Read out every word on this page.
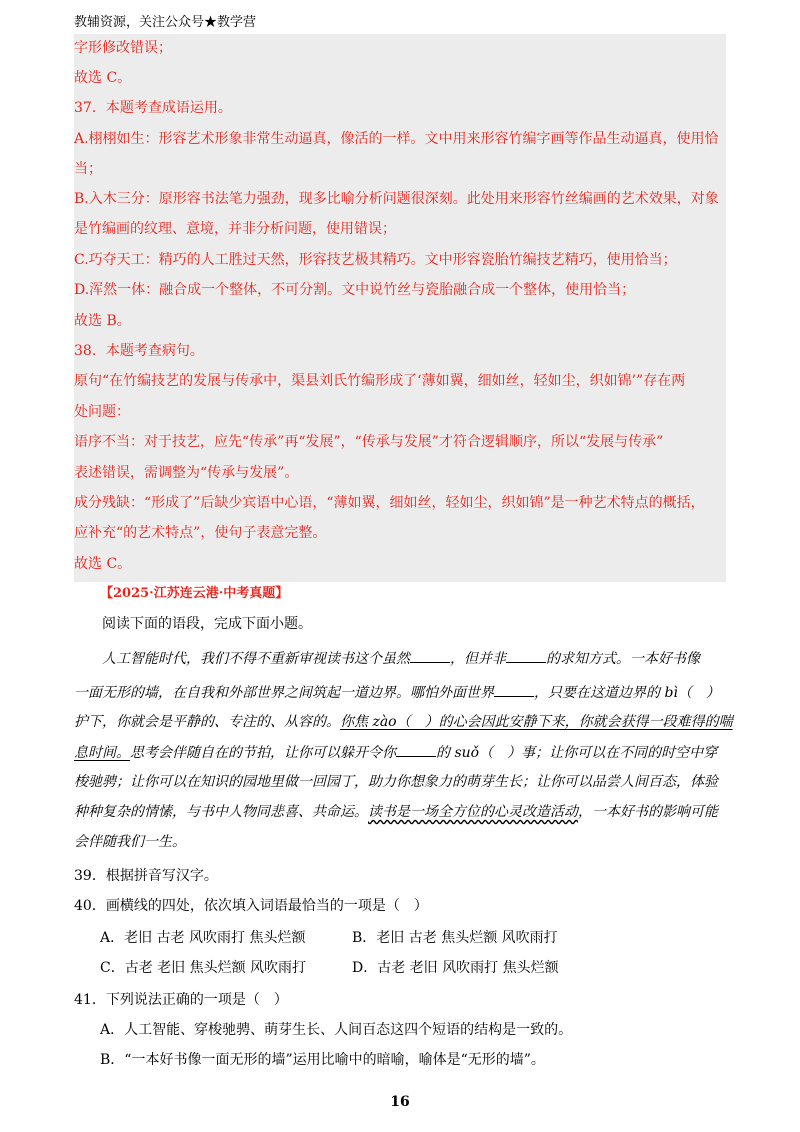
教辅资源，关注公众号★教学营
字形修改错误；
故选 C。
37．本题考查成语运用。
A.栩栩如生：形容艺术形象非常生动逼真，像活的一样。文中用来形容竹编字画等作品生动逼真，使用恰
当；
B.入木三分：原形容书法笔力强劲，现多比喻分析问题很深刻。此处用来形容竹丝编画的艺术效果，对象
是竹编画的纹理、意境，并非分析问题，使用错误；
C.巧夺天工：精巧的人工胜过天然，形容技艺极其精巧。文中形容瓷胎竹编技艺精巧，使用恰当；
D.浑然一体：融合成一个整体，不可分割。文中说竹丝与瓷胎融合成一个整体，使用恰当；
故选 B。
38．本题考查病句。
原句“在竹编技艺的发展与传承中，渠县刘氏竹编形成了‘薄如翼，细如丝，轻如尘，织如锦’”存在两
处问题：
语序不当：对于技艺，应先“传承”再“发展”，“传承与发展”才符合逻辑顺序，所以“发展与传承”
表述错误，需调整为“传承与发展”。
成分残缺：“形成了”后缺少宾语中心语，“薄如翼，细如丝，轻如尘，织如锦”是一种艺术特点的概括，
应补充“的艺术特点”，使句子表意完整。
故选 C。
【2025·江苏连云港·中考真题】
阅读下面的语段，完成下面小题。
人工智能时代，我们不得不重新审视读书这个虽然	，但并非	的求知方式。一本好书像
一面无形的墙，在自我和外部世界之间筑起一道边界。哪怕外面世界	，只要在这道边界的 bì（　）
护下，你就会是平静的、专注的、从容的。你焦 zào（　）的心会因此安静下来，你就会获得一段难得的喘
息时间。思考会伴随自在的节拍，让你可以躲开令你	的 suǒ（　）事；让你可以在不同的时空中穿
梭驰骋；让你可以在知识的园地里做一回园丁，助力你想象力的萌芽生长；让你可以品尝人间百态，体验
种种复杂的情愫，与书中人物同悲喜、共命运。读书是一场全方位的心灵改造活动，一本好书的影响可能
会伴随我们一生。
39．根据拼音写汉字。
40．画横线的四处，依次填入词语最恰当的一项是（　）
A．老旧 古老 风吹雨打 焦头烂额	B．老旧 古老 焦头烂额 风吹雨打
C．古老 老旧 焦头烂额 风吹雨打	D．古老 老旧 风吹雨打 焦头烂额
41．下列说法正确的一项是（　）
A．人工智能、穿梭驰骋、萌芽生长、人间百态这四个短语的结构是一致的。
B．“一本好书像一面无形的墙”运用比喻中的暗喻，喻体是“无形的墙”。
16
